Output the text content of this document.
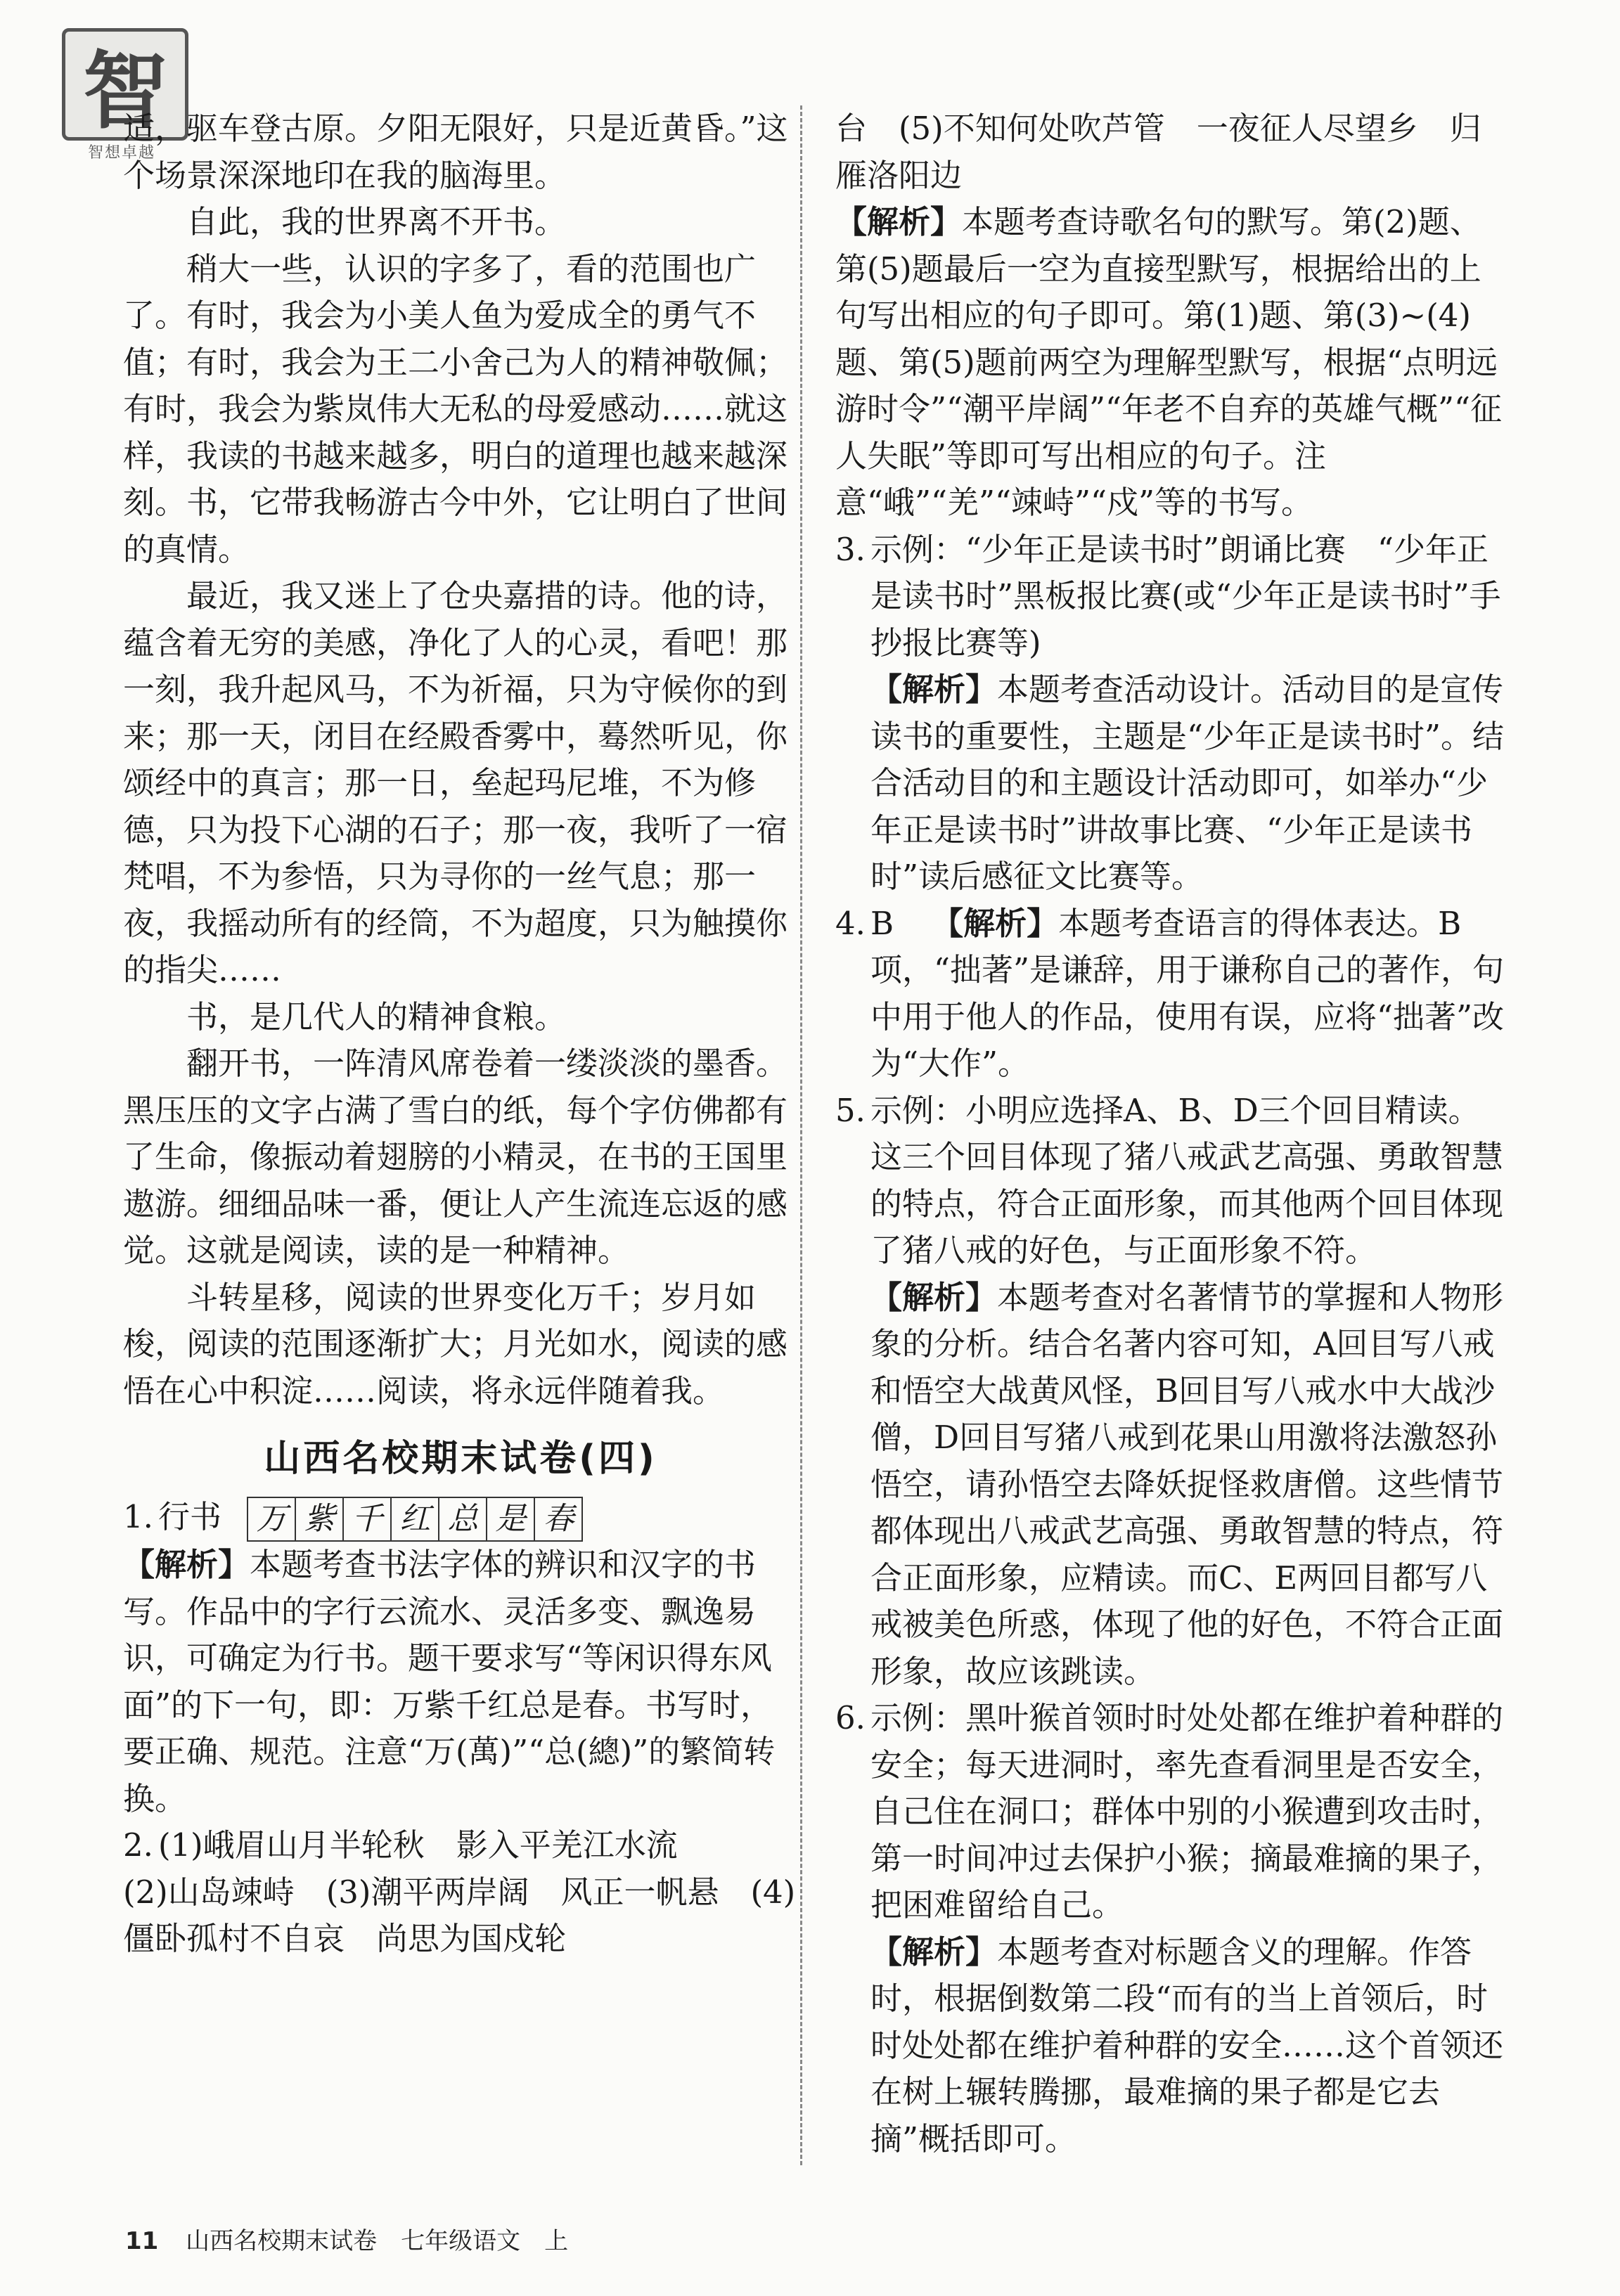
智
智想卓越

适，驱车登古原。夕阳无限好，只是近黄昏。”这个场景深深地印在我的脑海里。

自此，我的世界离不开书。

稍大一些，认识的字多了，看的范围也广了。有时，我会为小美人鱼为爱成全的勇气不值；有时，我会为王二小舍己为人的精神敬佩；有时，我会为紫岚伟大无私的母爱感动……就这样，我读的书越来越多，明白的道理也越来越深刻。书，它带我畅游古今中外，它让明白了世间的真情。

最近，我又迷上了仓央嘉措的诗。他的诗，蕴含着无穷的美感，净化了人的心灵，看吧！那一刻，我升起风马，不为祈福，只为守候你的到来；那一天，闭目在经殿香雾中，蓦然听见，你颂经中的真言；那一日，垒起玛尼堆，不为修德，只为投下心湖的石子；那一夜，我听了一宿梵唱，不为参悟，只为寻你的一丝气息；那一夜，我摇动所有的经筒，不为超度，只为触摸你的指尖……

书，是几代人的精神食粮。

翻开书，一阵清风席卷着一缕淡淡的墨香。黑压压的文字占满了雪白的纸，每个字仿佛都有了生命，像振动着翅膀的小精灵，在书的王国里遨游。细细品味一番，便让人产生流连忘返的感觉。这就是阅读，读的是一种精神。

斗转星移，阅读的世界变化万千；岁月如梭，阅读的范围逐渐扩大；月光如水，阅读的感悟在心中积淀……阅读，将永远伴随着我。

山西名校期末试卷(四)
1. 行书 万 紫 千 红 总 是 春

【解析】本题考查书法字体的辨识和汉字的书写。作品中的字行云流水、灵活多变、飘逸易识，可确定为行书。题干要求写“等闲识得东风面”的下一句，即：万紫千红总是春。书写时，要正确、规范。注意“万(萬)”“总(總)”的繁简转换。

2. (1)峨眉山月半轮秋　影入平羌江水流

(2)山岛竦峙　(3)潮平两岸阔　风正一帆悬　(4)僵卧孤村不自哀　尚思为国戍轮

台　(5)不知何处吹芦管　一夜征人尽望乡　归雁洛阳边

【解析】本题考查诗歌名句的默写。第(2)题、第(5)题最后一空为直接型默写，根据给出的上句写出相应的句子即可。第(1)题、第(3)~(4)题、第(5)题前两空为理解型默写，根据“点明远游时令”“潮平岸阔”“年老不自弃的英雄气概”“征人失眠”等即可写出相应的句子。注意“峨”“羌”“竦峙”“戍”等的书写。

3. 示例：“少年正是读书时”朗诵比赛　“少年正是读书时”黑板报比赛(或“少年正是读书时”手抄报比赛等)

【解析】本题考查活动设计。活动目的是宣传读书的重要性，主题是“少年正是读书时”。结合活动目的和主题设计活动即可，如举办“少年正是读书时”讲故事比赛、“少年正是读书时”读后感征文比赛等。

4. B 【解析】本题考查语言的得体表达。B项，“拙著”是谦辞，用于谦称自己的著作，句中用于他人的作品，使用有误，应将“拙著”改为“大作”。

5. 示例：小明应选择A、B、D三个回目精读。这三个回目体现了猪八戒武艺高强、勇敢智慧的特点，符合正面形象，而其他两个回目体现了猪八戒的好色，与正面形象不符。

【解析】本题考查对名著情节的掌握和人物形象的分析。结合名著内容可知，A回目写八戒和悟空大战黄风怪，B回目写八戒水中大战沙僧，D回目写猪八戒到花果山用激将法激怒孙悟空，请孙悟空去降妖捉怪救唐僧。这些情节都体现出八戒武艺高强、勇敢智慧的特点，符合正面形象，应精读。而C、E两回目都写八戒被美色所惑，体现了他的好色，不符合正面形象，故应该跳读。

6. 示例：黑叶猴首领时时处处都在维护着种群的安全；每天进洞时，率先查看洞里是否安全，自己住在洞口；群体中别的小猴遭到攻击时，第一时间冲过去保护小猴；摘最难摘的果子，把困难留给自己。

【解析】本题考查对标题含义的理解。作答时，根据倒数第二段“而有的当上首领后，时时处处都在维护着种群的安全……这个首领还在树上辗转腾挪，最难摘的果子都是它去摘”概括即可。

11 山西名校期末试卷　七年级语文　上
